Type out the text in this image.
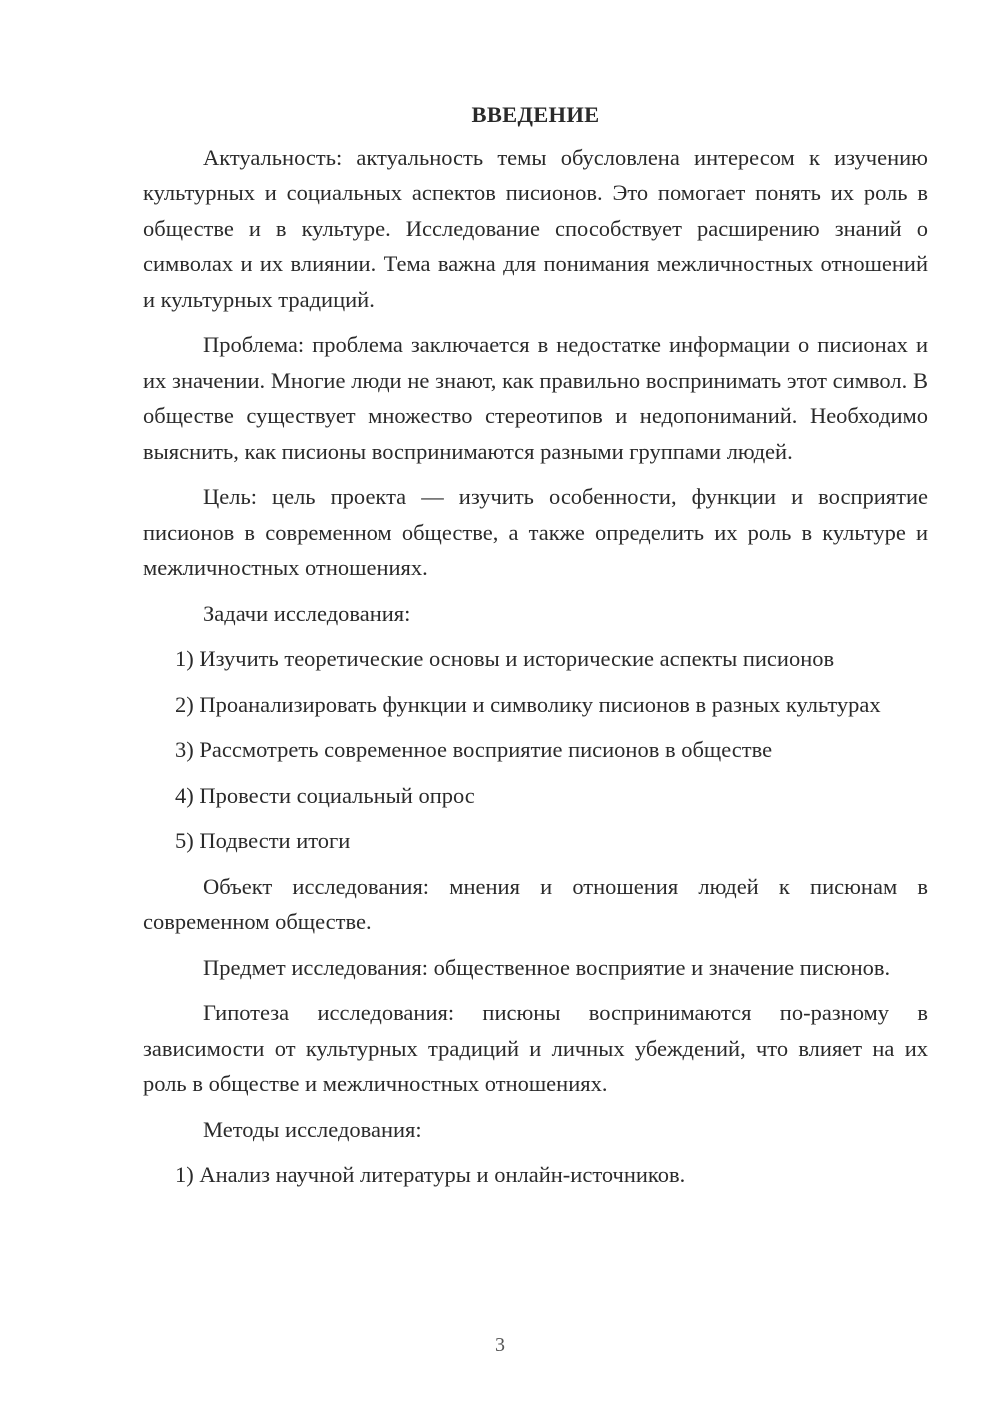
ВВЕДЕНИЕ

Актуальность: актуальность темы обусловлена интересом к изучению культурных и социальных аспектов писионов. Это помогает понять их роль в обществе и в культуре. Исследование способствует расширению знаний о символах и их влиянии. Тема важна для понимания межличностных отношений и культурных традиций.

Проблема: проблема заключается в недостатке информации о писионах и их значении. Многие люди не знают, как правильно воспринимать этот символ. В обществе существует множество стереотипов и недопониманий. Необходимо выяснить, как писионы воспринимаются разными группами людей.

Цель: цель проекта — изучить особенности, функции и восприятие писионов в современном обществе, а также определить их роль в культуре и межличностных отношениях.

Задачи исследования:

1) Изучить теоретические основы и исторические аспекты писионов

2) Проанализировать функции и символику писионов в разных культурах

3) Рассмотреть современное восприятие писионов в обществе

4) Провести социальный опрос

5) Подвести итоги

Объект исследования: мнения и отношения людей к писюнам в современном обществе.

Предмет исследования: общественное восприятие и значение писюнов.

Гипотеза исследования: писюны воспринимаются по-разному в зависимости от культурных традиций и личных убеждений, что влияет на их роль в обществе и межличностных отношениях.

Методы исследования:

1) Анализ научной литературы и онлайн-источников.

3
